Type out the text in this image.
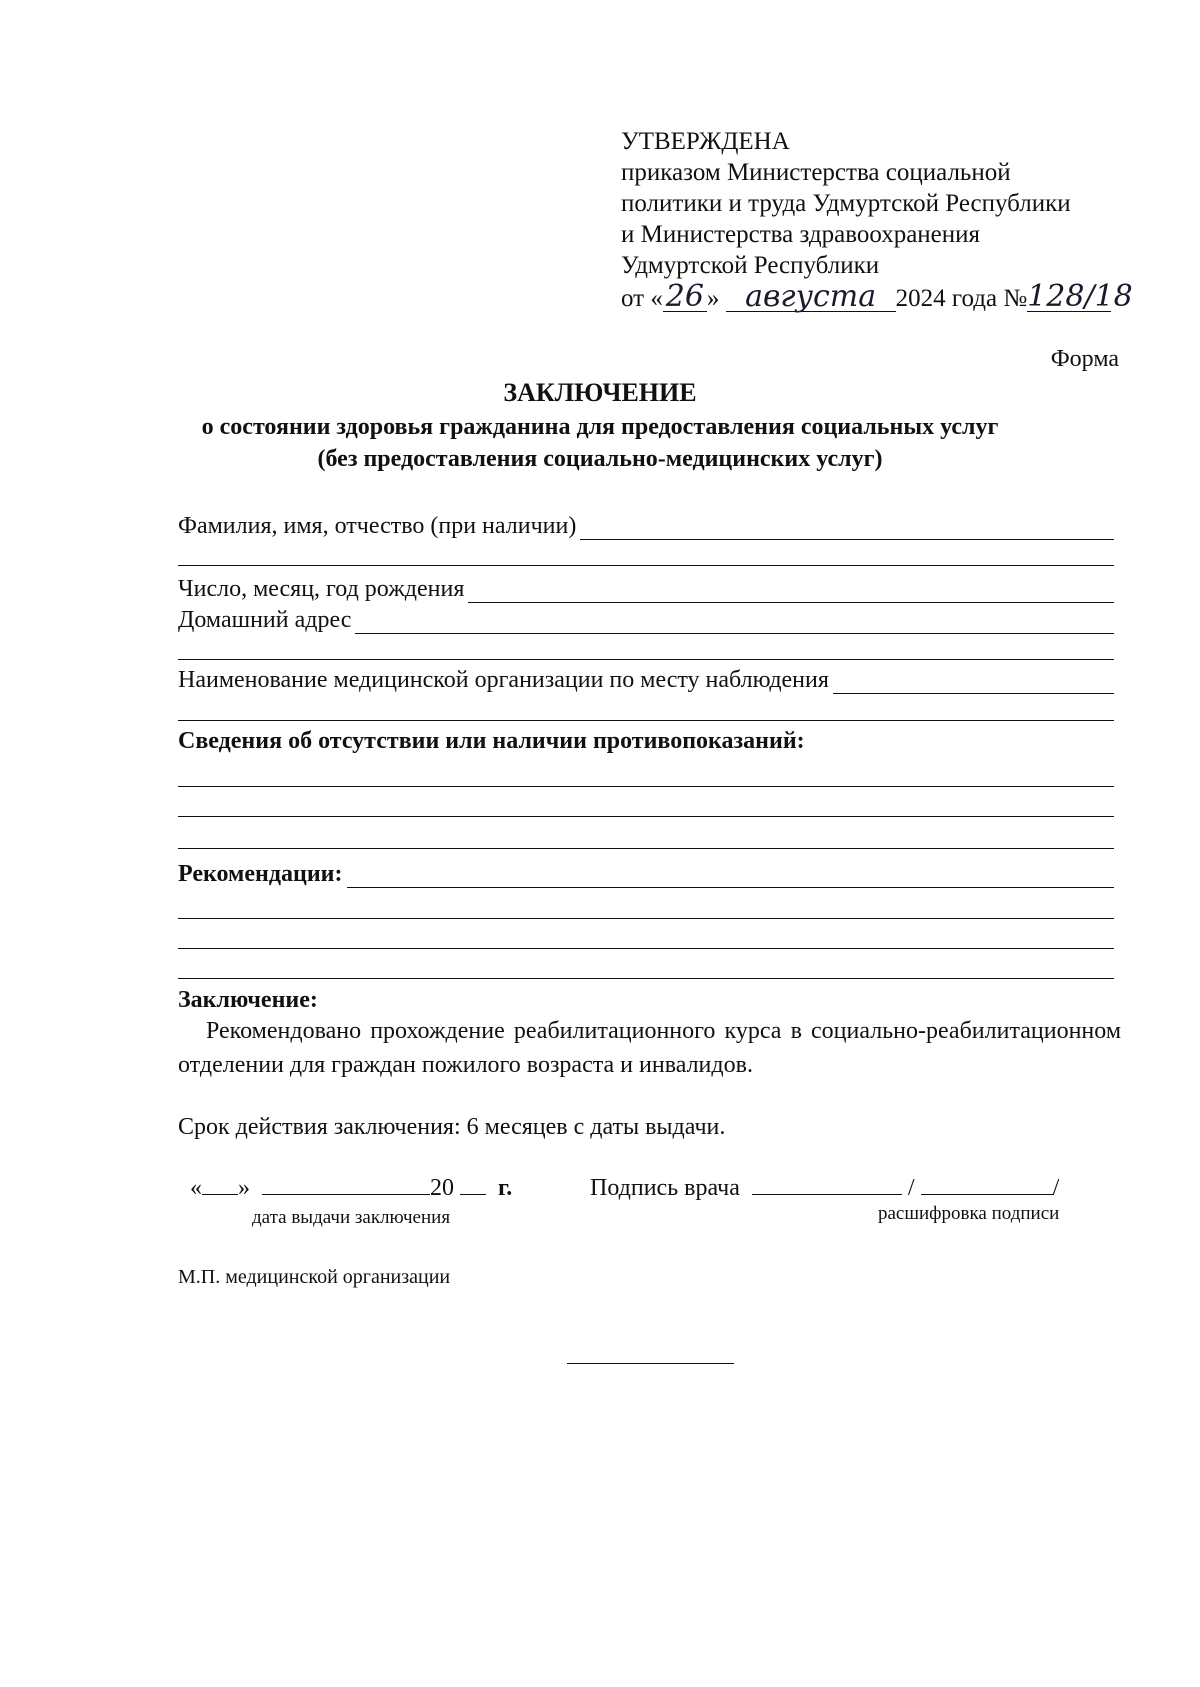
УТВЕРЖДЕНА
приказом Министерства социальной
политики и труда Удмуртской Республики
и Министерства здравоохранения
Удмуртской Республики
от «26 » августа 2024 года №128/18
Форма
ЗАКЛЮЧЕНИЕ
о состоянии здоровья гражданина для предоставления социальных услуг
(без предоставления социально-медицинских услуг)
Фамилия, имя, отчество (при наличии)
Число, месяц, год рождения
Домашний адрес
Наименование медицинской организации по месту наблюдения
Сведения об отсутствии или наличии противопоказаний:
Рекомендации:
Заключение:
Рекомендовано прохождение реабилитационного курса в социально-реабилитационном отделении для граждан пожилого возраста и инвалидов.
Срок действия заключения: 6 месяцев с даты выдачи.
« »	20 г.
дата выдачи заключения
Подпись врача	/	/
расшифровка подписи
М.П. медицинской организации
